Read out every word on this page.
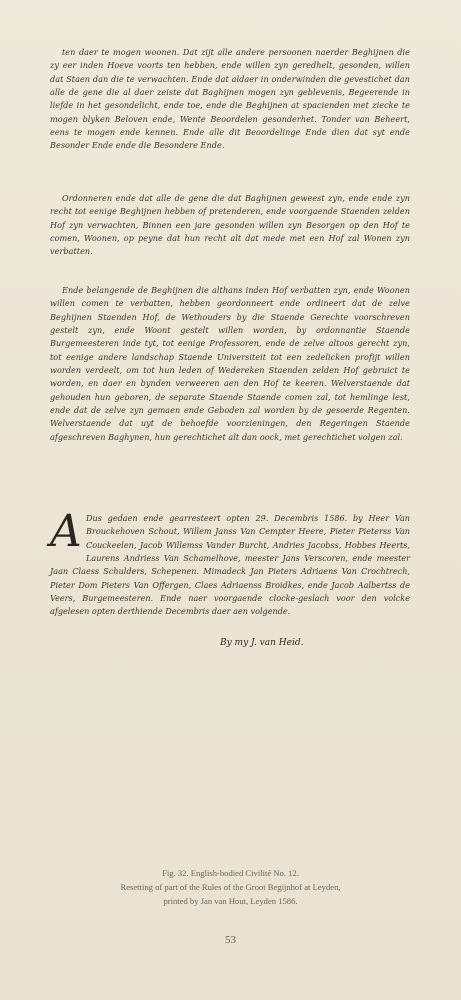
ten daer te mogen woonen. Dat zijt alle andere persoonen naerder Beghijnen die zy eer inden Hoeve voorts ten hebben, ende willen zyn geredhelt, gesonden, willen dat Staen dan die te verwachten. Ende dat aldaer in onderwinden die gevestichet dan alle de gene die al daer zeiste dat Baghijnen mogen zyn geblevenis, Begeerende in liefde in het gesondelicht, ende toe, ende die Beghijnen at spacienden met ziecke te mogen blyken Beloven ende, Wente Beoordelen gesonderhet. Tonder van Beheert, eens te mogen ende kennen. Ende alle dit Beoordelinge Ende dien dat syt ende Besonder Ende ende die Besondere Ende.

Ordonneren ende dat alle de gene die dat Baghijnen geweest zyn, ende ende zyn recht tot eenige Beghijnen hebben of pretenderen, ende voorgaende Staenden zelden Hof zyn verwachten, Binnen een jare gesonden willen zyn Besorgen op den Hof te comen, Woonen, op peyne dat hun recht alt dat mede met een Hof zal Wonen zyn verbatten.

Ende belangende de Beghijnen die althans inden Hof verbatten zyn, ende Woonen willen comen te verbatten, hebben geordonneert ende ordineert dat de zelve Beghijnen Staenden Hof, de Wethouders by die Staende Gerechte voorschreven gestelt zyn, ende Woont gestelt willen worden, by ordonnantie Staende Burgemeesteren inde tyt, tot eenige Professoren, ende de zelve altoos gerecht zyn, tot eenige andere landschap Staende Universiteit tot een zedelicken profijt willen worden verdeelt, om tot hun leden of Wedereken Staenden zelden Hof gebruict te worden, en daer en bynden verweeren aen den Hof te keeren. Welverstaende dat gehouden hun geboren, de separate Staende Staende comen zal, tot hemlinge lest, ende dat de zelve zyn gemaen ende Geboden zal worden by de gesoerde Regenten. Welverstaende dat uyt de behoefde voorzieningen, den Regeringen Staende afgeschreven Baghynen, hun gerechtichet alt dan oock, met gerechtichet volgen zal.

A Dus gedaen ende gearresteert opten 29. Decembris 1586. by Heer Van Brouckehoven Schout, Willem Janss Van Cempter Heere, Pieter Pieterss Van Couckeelen, Jacob Willemss Vander Burcht, Andries Jacobss, Hobbes Heerts, Laurens Andriess Van Schamelhove, meester Jans Verscoren, ende meester Jaan Claess Schulders, Schepenen. Mimadeck Jan Pieters Adriaens Van Crochtrech, Pieter Dom Pieters Van Offergen, Claes Adriaenss Broidkes, ende Jacob Aalbertss de Veers, Burgemeesteren. Ende naer voorgaende clocke-geslach voor den volcke afgelesen opten derthiende Decembris daer aen volgende.
By my J. van Heid.
Fig. 32. English-bodied Civilité No. 12.
Resetting of part of the Rules of the Groot Begijnhof at Leyden,
printed by Jan van Hout, Leyden 1586.
53
